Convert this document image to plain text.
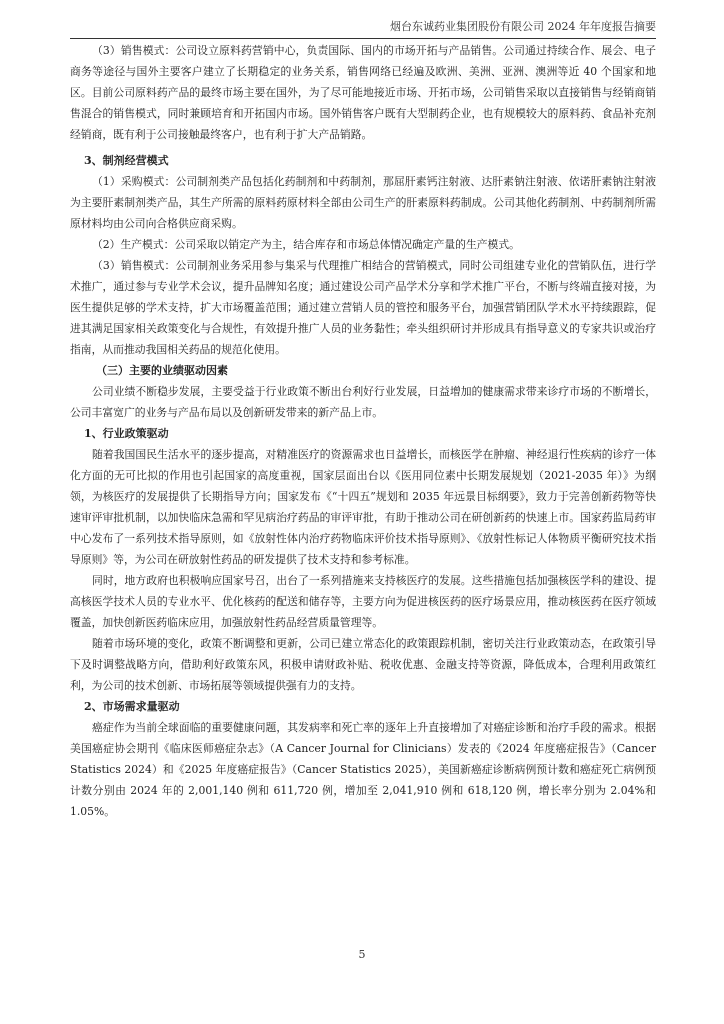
烟台东诚药业集团股份有限公司 2024 年年度报告摘要

（3）销售模式：公司设立原料药营销中心，负责国际、国内的市场开拓与产品销售。公司通过持续合作、展会、电子商务等途径与国外主要客户建立了长期稳定的业务关系，销售网络已经遍及欧洲、美洲、亚洲、澳洲等近 40 个国家和地区。目前公司原料药产品的最终市场主要在国外，为了尽可能地接近市场、开拓市场，公司销售采取以直接销售与经销商销售混合的销售模式，同时兼顾培育和开拓国内市场。国外销售客户既有大型制药企业，也有规模较大的原料药、食品补充剂经销商，既有利于公司接触最终客户，也有利于扩大产品销路。

3、制剂经营模式

（1）采购模式：公司制剂类产品包括化药制剂和中药制剂，那屈肝素钙注射液、达肝素钠注射液、依诺肝素钠注射液为主要肝素制剂类产品，其生产所需的原料药原材料全部由公司生产的肝素原料药制成。公司其他化药制剂、中药制剂所需原材料均由公司向合格供应商采购。

（2）生产模式：公司采取以销定产为主，结合库存和市场总体情况确定产量的生产模式。

（3）销售模式：公司制剂业务采用参与集采与代理推广相结合的营销模式，同时公司组建专业化的营销队伍，进行学术推广，通过参与专业学术会议，提升品牌知名度；通过建设公司产品学术分享和学术推广平台，不断与终端直接对接，为医生提供足够的学术支持，扩大市场覆盖范围；通过建立营销人员的管控和服务平台，加强营销团队学术水平持续跟踪，促进其满足国家相关政策变化与合规性，有效提升推广人员的业务黏性；牵头组织研讨并形成具有指导意义的专家共识或治疗指南，从而推动我国相关药品的规范化使用。

（三）主要的业绩驱动因素

公司业绩不断稳步发展，主要受益于行业政策不断出台利好行业发展，日益增加的健康需求带来诊疗市场的不断增长，公司丰富宽广的业务与产品布局以及创新研发带来的新产品上市。

1、行业政策驱动

随着我国国民生活水平的逐步提高，对精准医疗的资源需求也日益增长，而核医学在肿瘤、神经退行性疾病的诊疗一体化方面的无可比拟的作用也引起国家的高度重视，国家层面出台以《医用同位素中长期发展规划（2021-2035 年）》为纲领，为核医疗的发展提供了长期指导方向；国家发布《“十四五”规划和 2035 年远景目标纲要》，致力于完善创新药物等快速审评审批机制，以加快临床急需和罕见病治疗药品的审评审批，有助于推动公司在研创新药的快速上市。国家药监局药审中心发布了一系列技术指导原则，如《放射性体内治疗药物临床评价技术指导原则》、《放射性标记人体物质平衡研究技术指导原则》等，为公司在研放射性药品的研发提供了技术支持和参考标准。

同时，地方政府也积极响应国家号召，出台了一系列措施来支持核医疗的发展。这些措施包括加强核医学科的建设、提高核医学技术人员的专业水平、优化核药的配送和储存等，主要方向为促进核医药的医疗场景应用，推动核医药在医疗领域覆盖，加快创新医药临床应用，加强放射性药品经营质量管理等。

随着市场环境的变化，政策不断调整和更新，公司已建立常态化的政策跟踪机制，密切关注行业政策动态，在政策引导下及时调整战略方向，借助利好政策东风，积极申请财政补贴、税收优惠、金融支持等资源，降低成本，合理利用政策红利，为公司的技术创新、市场拓展等领域提供强有力的支持。

2、市场需求量驱动

癌症作为当前全球面临的重要健康问题，其发病率和死亡率的逐年上升直接增加了对癌症诊断和治疗手段的需求。根据美国癌症协会期刊《临床医师癌症杂志》（A Cancer Journal for Clinicians）发表的《2024 年度癌症报告》（Cancer Statistics 2024）和《2025 年度癌症报告》（Cancer Statistics 2025），美国新癌症诊断病例预计数和癌症死亡病例预计数分别由 2024 年的 2,001,140 例和 611,720 例，增加至 2,041,910 例和 618,120 例，增长率分别为 2.04%和 1.05%。

5
